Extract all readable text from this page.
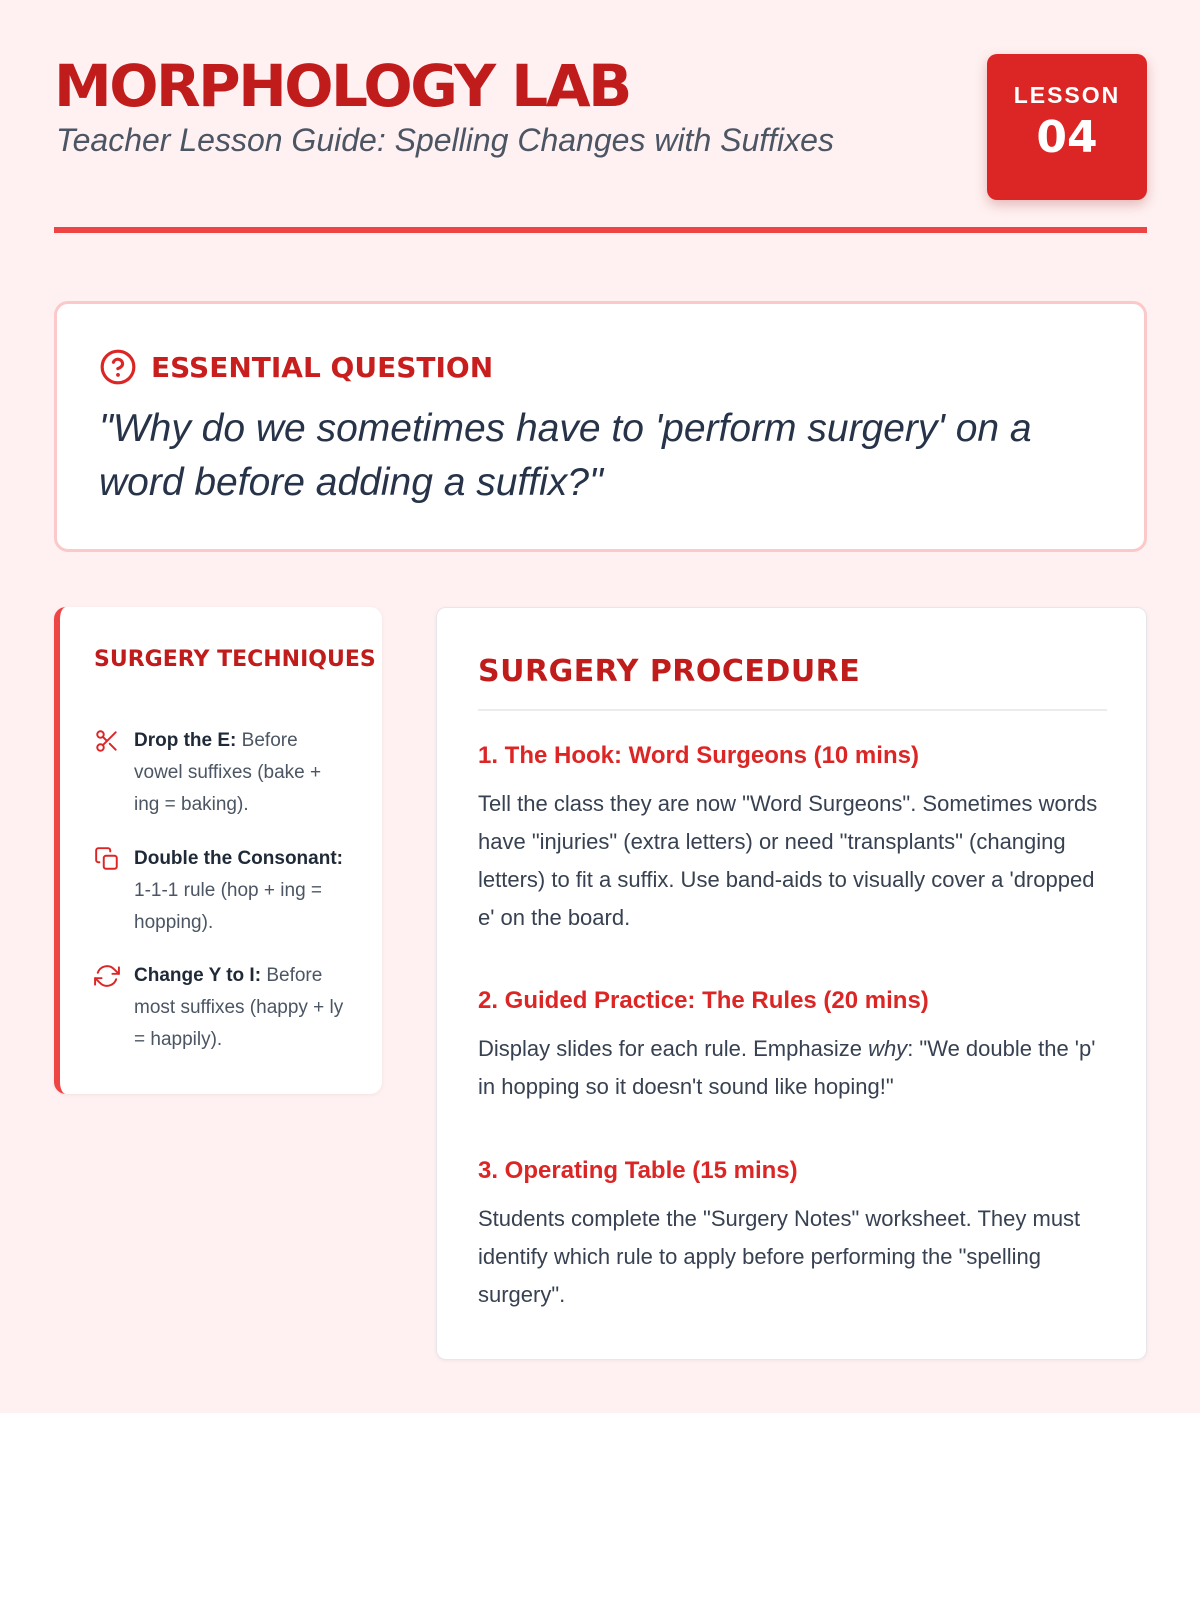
MORPHOLOGY LAB
Teacher Lesson Guide: Spelling Changes with Suffixes
LESSON
04
ESSENTIAL QUESTION

"Why do we sometimes have to 'perform surgery' on a word before adding a suffix?"

SURGERY TECHNIQUES

Drop the E: Before vowel suffixes (bake + ing = baking).

Double the Consonant: 1-1-1 rule (hop + ing = hopping).

Change Y to I: Before most suffixes (happy + ly = happily).

SURGERY PROCEDURE
1. The Hook: Word Surgeons (10 mins)

Tell the class they are now "Word Surgeons". Sometimes words have "injuries" (extra letters) or need "transplants" (changing letters) to fit a suffix. Use band-aids to visually cover a 'dropped e' on the board.

2. Guided Practice: The Rules (20 mins)

Display slides for each rule. Emphasize why: "We double the 'p' in hopping so it doesn't sound like hoping!"

3. Operating Table (15 mins)

Students complete the "Surgery Notes" worksheet. They must identify which rule to apply before performing the "spelling surgery".
